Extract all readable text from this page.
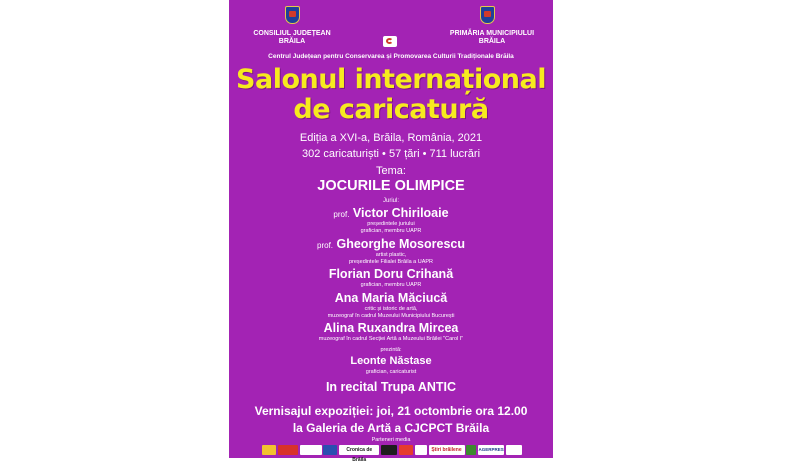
CONSILIUL JUDEȚEAN
BRĂILA
PRIMĂRIA MUNICIPIULUI
BRĂILA
Centrul Județean pentru Conservarea și Promovarea Culturii Tradiționale Brăila
Salonul internațional
de caricatură
Ediția a XVI-a, Brăila, România, 2021
302 caricaturiști • 57 țări • 711 lucrări
Tema:
JOCURILE OLIMPICE
Juriul:
prof. Victor Chiriloaie
președintele juriului
grafician, membru UAPR
prof. Gheorghe Mosorescu
artist plastic,
președintele Filialei Brăila a UAPR
Florian Doru Crihană
grafician, membru UAPR
Ana Maria Măciucă
critic și istoric de artă,
muzeograf în cadrul Muzeului Municipiului București
Alina Ruxandra Mircea
muzeograf în cadrul Secției Artă a Muzeului Brăilei "Carol I"
prezintă:
Leonte Năstase
grafician, caricaturist
In recital Trupa ANTIC
Vernisajul expoziției: joi, 21 octombrie ora 12.00
la Galeria de Artă a CJCPCT Brăila
Parteneri media
Cronica de Brăila
Știri brăilene	AGERPRES
